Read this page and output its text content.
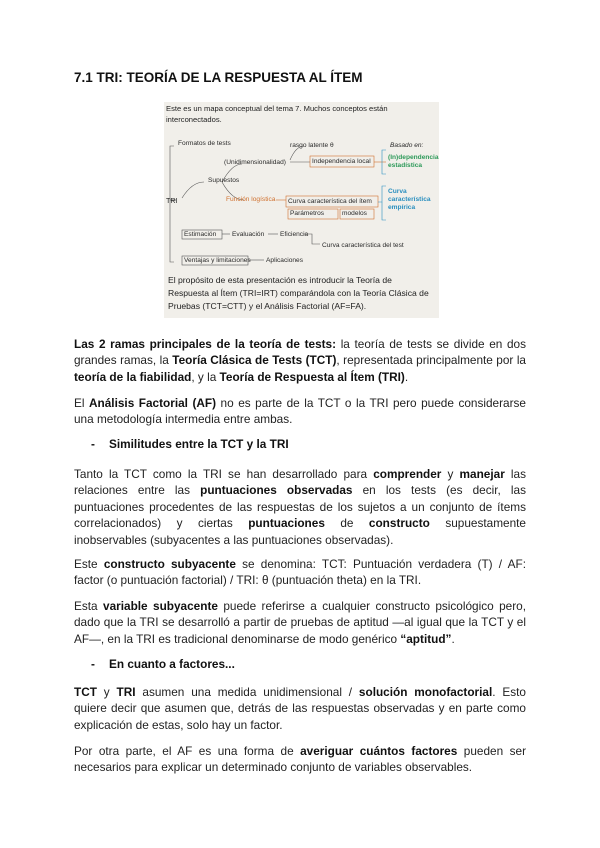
7.1 TRI: TEORÍA DE LA RESPUESTA AL ÍTEM
Este es un mapa conceptual del tema 7. Muchos conceptos están interconectados.
Formatos de tests
TRI
Supuestos
(Unidimensionalidad)
rasgo latente θ
Independencia local
Basado en:
(In)dependencia estadística
Función logística Curva característica del ítem
Parámetros	modelos
Curva característica empírica
Estimación Evaluación Eficiencia
Curva característica del test
Ventajas y limitaciones Aplicaciones
El propósito de esta presentación es introducir la Teoría de Respuesta al Ítem (TRI=IRT) comparándola con la Teoría Clásica de Pruebas (TCT=CTT) y el Análisis Factorial (AF=FA).

Las 2 ramas principales de la teoría de tests: la teoría de tests se divide en dos grandes ramas, la Teoría Clásica de Tests (TCT), representada principalmente por la teoría de la fiabilidad, y la Teoría de Respuesta al Ítem (TRI).

El Análisis Factorial (AF) no es parte de la TCT o la TRI pero puede considerarse una metodología intermedia entre ambas.

- Similitudes entre la TCT y la TRI

Tanto la TCT como la TRI se han desarrollado para comprender y manejar las relaciones entre las puntuaciones observadas en los tests (es decir, las puntuaciones procedentes de las respuestas de los sujetos a un conjunto de ítems correlacionados) y ciertas puntuaciones de constructo supuestamente inobservables (subyacentes a las puntuaciones observadas).

Este constructo subyacente se denomina: TCT: Puntuación verdadera (T) / AF: factor (o puntuación factorial) / TRI: θ (puntuación theta) en la TRI.

Esta variable subyacente puede referirse a cualquier constructo psicológico pero, dado que la TRI se desarrolló a partir de pruebas de aptitud —al igual que la TCT y el AF—, en la TRI es tradicional denominarse de modo genérico “aptitud”.

- En cuanto a factores...

TCT y TRI asumen una medida unidimensional / solución monofactorial. Esto quiere decir que asumen que, detrás de las respuestas observadas y en parte como explicación de estas, solo hay un factor.

Por otra parte, el AF es una forma de averiguar cuántos factores pueden ser necesarios para explicar un determinado conjunto de variables observables.
